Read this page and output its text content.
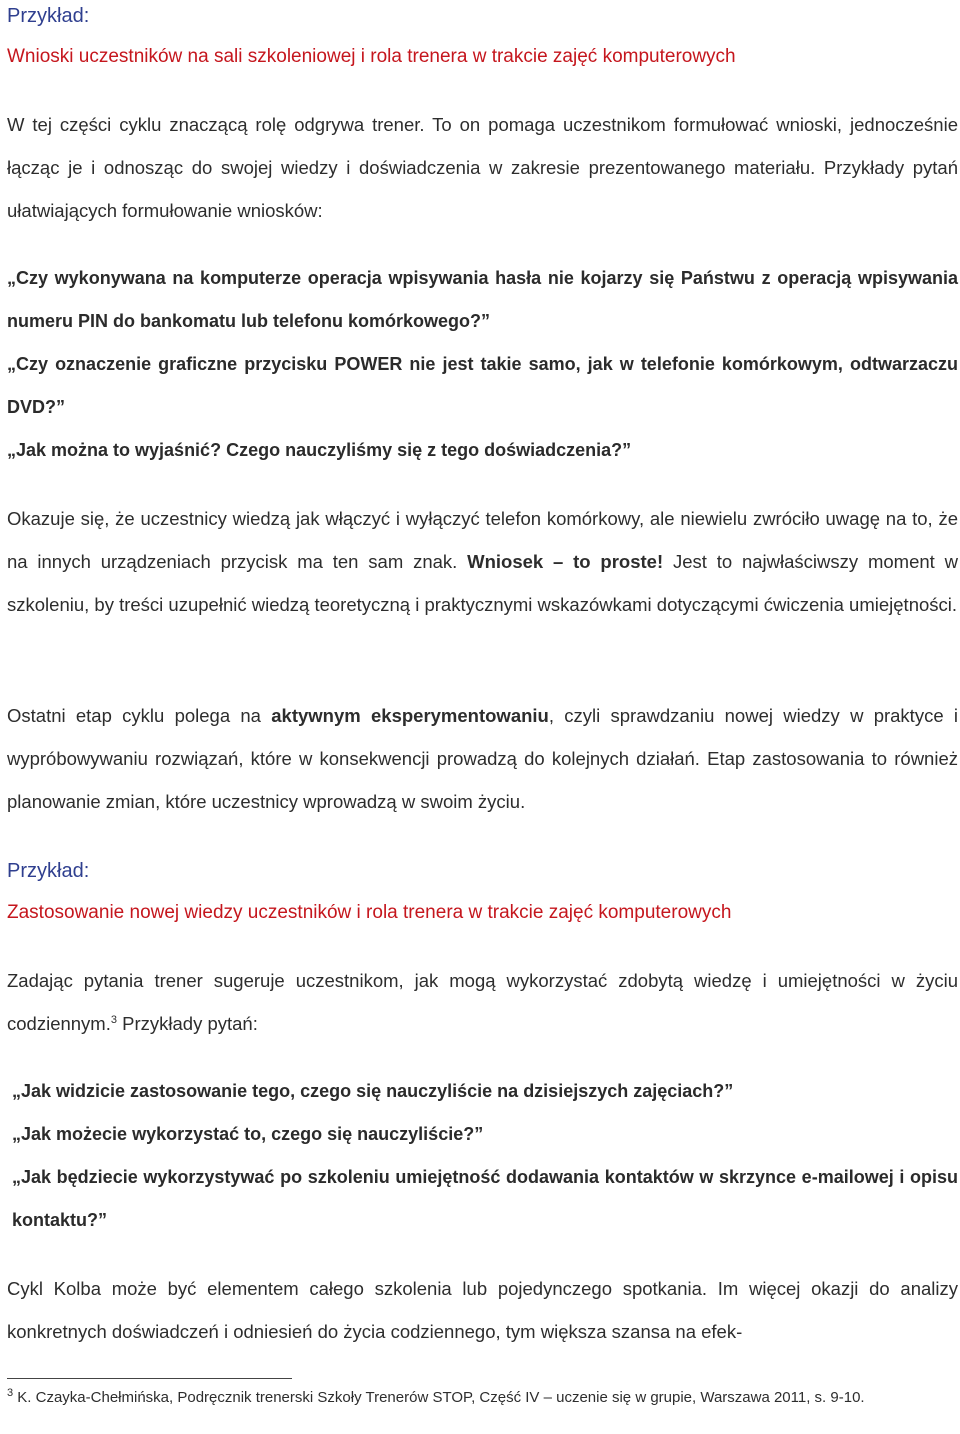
Przykład:
Wnioski uczestników na sali szkoleniowej i rola trenera w trakcie zajęć komputerowych

W tej części cyklu znaczącą rolę odgrywa trener. To on pomaga uczestnikom formułować wnioski, jednocześnie łącząc je i odnosząc do swojej wiedzy i doświadczenia w zakresie prezentowanego materiału. Przykłady pytań ułatwiających formułowanie wniosków:

„Czy wykonywana na komputerze operacja wpisywania hasła nie kojarzy się Państwu z operacją wpisywania numeru PIN do bankomatu lub telefonu komórkowego?”
„Czy oznaczenie graficzne przycisku POWER nie jest takie samo, jak w telefonie komórkowym, odtwarzaczu DVD?”
„Jak można to wyjaśnić? Czego nauczyliśmy się z tego doświadczenia?”

Okazuje się, że uczestnicy wiedzą jak włączyć i wyłączyć telefon komórkowy, ale niewielu zwróciło uwagę na to, że na innych urządzeniach przycisk ma ten sam znak. Wniosek – to proste! Jest to najwłaściwszy moment w szkoleniu, by treści uzupełnić wiedzą teoretyczną i praktycznymi wskazówkami dotyczącymi ćwiczenia umiejętności.

Ostatni etap cyklu polega na aktywnym eksperymentowaniu, czyli sprawdzaniu nowej wiedzy w praktyce i wypróbowywaniu rozwiązań, które w konsekwencji prowadzą do kolejnych działań. Etap zastosowania to również planowanie zmian, które uczestnicy wprowadzą w swoim życiu.

Przykład:
Zastosowanie nowej wiedzy uczestników i rola trenera w trakcie zajęć komputerowych

Zadając pytania trener sugeruje uczestnikom, jak mogą wykorzystać zdobytą wiedzę i umiejętności w życiu codziennym.$^3$ Przykłady pytań:

„Jak widzicie zastosowanie tego, czego się nauczyliście na dzisiejszych zajęciach?”
„Jak możecie wykorzystać to, czego się nauczyliście?”
„Jak będziecie wykorzystywać po szkoleniu umiejętność dodawania kontaktów w skrzynce e-mailowej i opisu kontaktu?”

Cykl Kolba może być elementem całego szkolenia lub pojedynczego spotkania. Im więcej okazji do analizy konkretnych doświadczeń i odniesień do życia codziennego, tym większa szansa na efek-

$^3$ K. Czayka-Chełmińska, Podręcznik trenerski Szkoły Trenerów STOP, Część IV – uczenie się w grupie, Warszawa 2011, s. 9-10.
